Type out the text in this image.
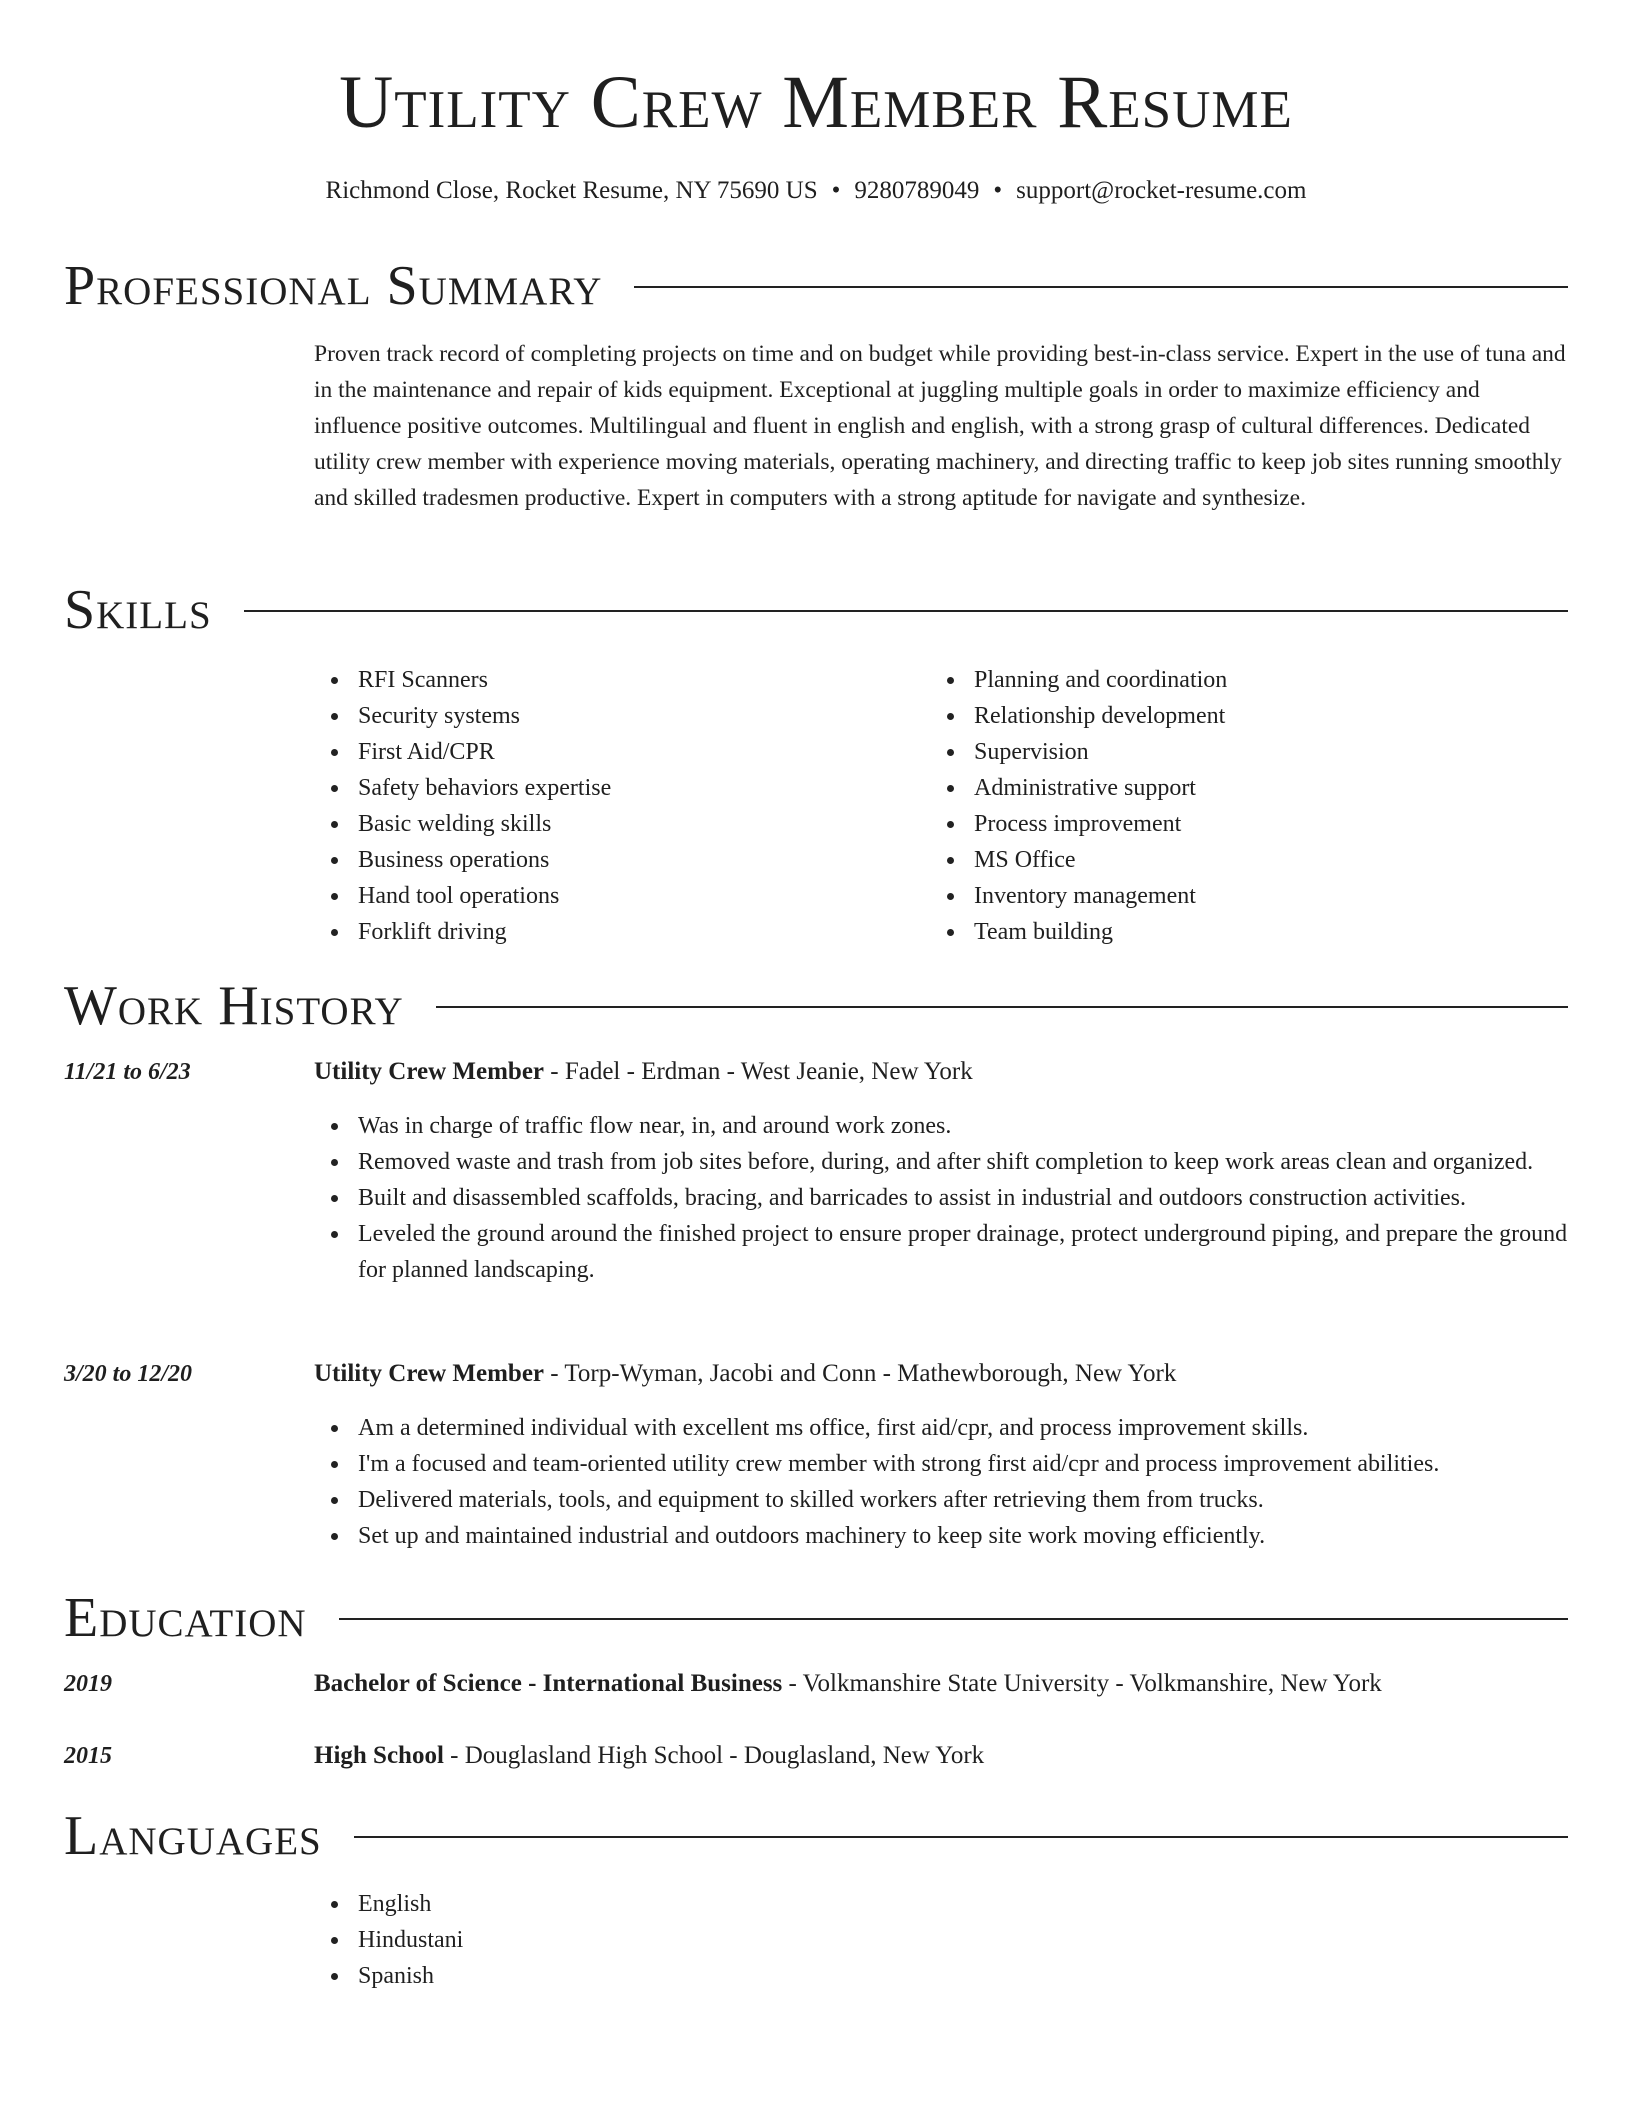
Utility Crew Member Resume
Richmond Close, Rocket Resume, NY 75690 US • 9280789049 • support@rocket-resume.com
Professional Summary

Proven track record of completing projects on time and on budget while providing best-in-class service. Expert in the use of tuna and in the maintenance and repair of kids equipment. Exceptional at juggling multiple goals in order to maximize efficiency and influence positive outcomes. Multilingual and fluent in english and english, with a strong grasp of cultural differences. Dedicated utility crew member with experience moving materials, operating machinery, and directing traffic to keep job sites running smoothly and skilled tradesmen productive. Expert in computers with a strong aptitude for navigate and synthesize.

Skills
RFI Scanners
Security systems
First Aid/CPR
Safety behaviors expertise
Basic welding skills
Business operations
Hand tool operations
Forklift driving
Planning and coordination
Relationship development
Supervision
Administrative support
Process improvement
MS Office
Inventory management
Team building
Work History
11/21 to 6/23	Utility Crew Member - Fadel - Erdman - West Jeanie, New York
Was in charge of traffic flow near, in, and around work zones.
Removed waste and trash from job sites before, during, and after shift completion to keep work areas clean and organized.
Built and disassembled scaffolds, bracing, and barricades to assist in industrial and outdoors construction activities.
Leveled the ground around the finished project to ensure proper drainage, protect underground piping, and prepare the ground for planned landscaping.
3/20 to 12/20	Utility Crew Member - Torp-Wyman, Jacobi and Conn - Mathewborough, New York
Am a determined individual with excellent ms office, first aid/cpr, and process improvement skills.
I'm a focused and team-oriented utility crew member with strong first aid/cpr and process improvement abilities.
Delivered materials, tools, and equipment to skilled workers after retrieving them from trucks.
Set up and maintained industrial and outdoors machinery to keep site work moving efficiently.
Education
2019	Bachelor of Science - International Business - Volkmanshire State University - Volkmanshire, New York
2015	High School - Douglasland High School - Douglasland, New York
Languages
English
Hindustani
Spanish
